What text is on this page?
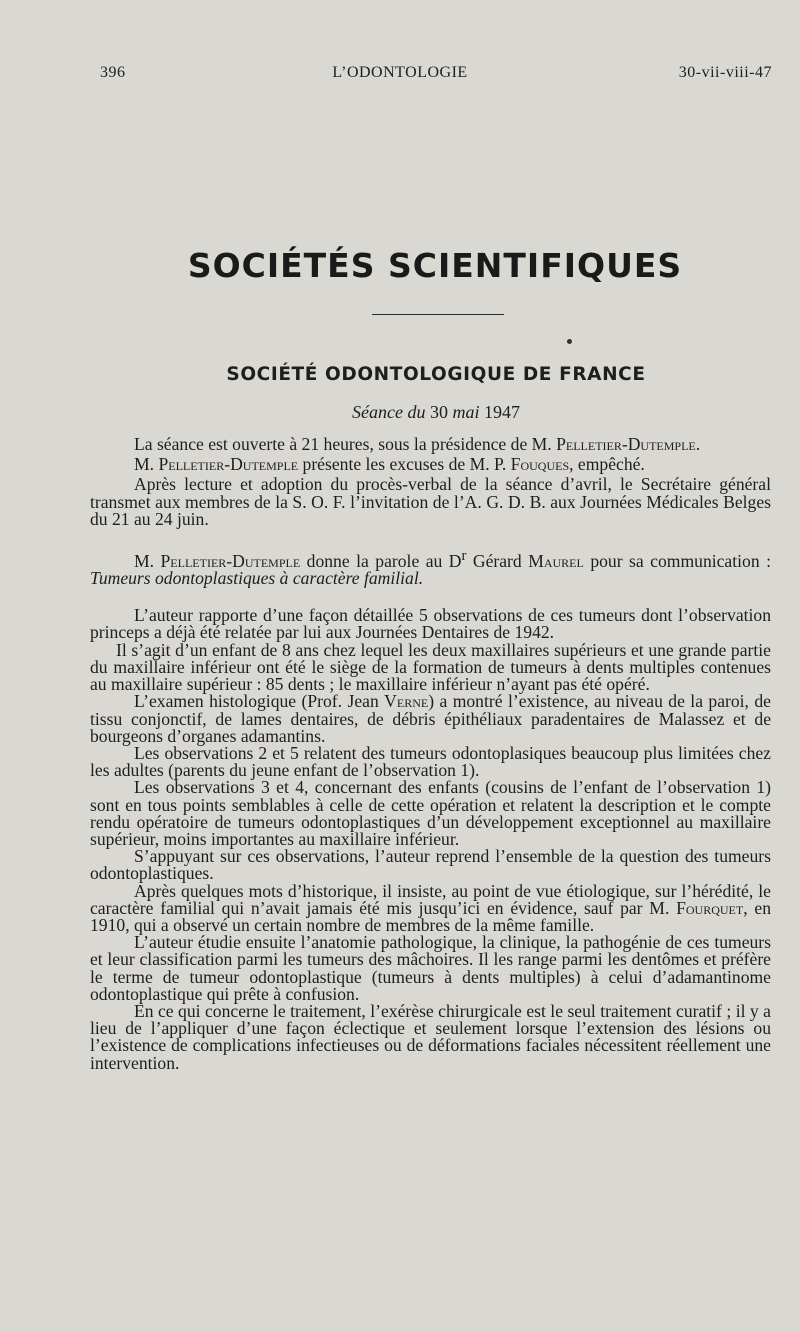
396	L’ODONTOLOGIE	30-vii-viii-47
SOCIÉTÉS SCIENTIFIQUES
SOCIÉTÉ ODONTOLOGIQUE DE FRANCE
Séance du 30 mai 1947

La séance est ouverte à 21 heures, sous la présidence de M. Pelletier-Dutemple.

M. Pelletier-Dutemple présente les excuses de M. P. Fouques, empêché.

Après lecture et adoption du procès-verbal de la séance d’avril, le Secrétaire général transmet aux membres de la S. O. F. l’invitation de l’A. G. D. B. aux Journées Médicales Belges du 21 au 24 juin.

M. Pelletier-Dutemple donne la parole au $D^r$ Gérard Maurel pour sa communication : Tumeurs odontoplastiques à caractère familial.

L’auteur rapporte d’une façon détaillée 5 observations de ces tumeurs dont l’observation princeps a déjà été relatée par lui aux Journées Dentaires de 1942.

Il s’agit d’un enfant de 8 ans chez lequel les deux maxillaires supérieurs et une grande partie du maxillaire inférieur ont été le siège de la formation de tumeurs à dents multiples contenues au maxillaire supérieur : 85 dents ; le maxillaire inférieur n’ayant pas été opéré.

L’examen histologique (Prof. Jean Verne) a montré l’existence, au niveau de la paroi, de tissu conjonctif, de lames dentaires, de débris épithéliaux paradentaires de Malassez et de bourgeons d’organes adamantins.

Les observations 2 et 5 relatent des tumeurs odontoplasiques beaucoup plus limitées chez les adultes (parents du jeune enfant de l’observation 1).

Les observations 3 et 4, concernant des enfants (cousins de l’enfant de l’observation 1) sont en tous points semblables à celle de cette opération et relatent la description et le compte rendu opératoire de tumeurs odontoplastiques d’un développement exceptionnel au maxillaire supérieur, moins importantes au maxillaire inférieur.

S’appuyant sur ces observations, l’auteur reprend l’ensemble de la question des tumeurs odontoplastiques.

Après quelques mots d’historique, il insiste, au point de vue étiologique, sur l’hérédité, le caractère familial qui n’avait jamais été mis jusqu’ici en évidence, sauf par M. Fourquet, en 1910, qui a observé un certain nombre de membres de la même famille.

L’auteur étudie ensuite l’anatomie pathologique, la clinique, la pathogénie de ces tumeurs et leur classification parmi les tumeurs des mâchoires. Il les range parmi les dentômes et préfère le terme de tumeur odontoplastique (tumeurs à dents multiples) à celui d’adamantinome odontoplastique qui prête à confusion.

En ce qui concerne le traitement, l’exérèse chirurgicale est le seul traitement curatif ; il y a lieu de l’appliquer d’une façon éclectique et seulement lorsque l’extension des lésions ou l’existence de complications infectieuses ou de déformations faciales nécessitent réellement une intervention.
